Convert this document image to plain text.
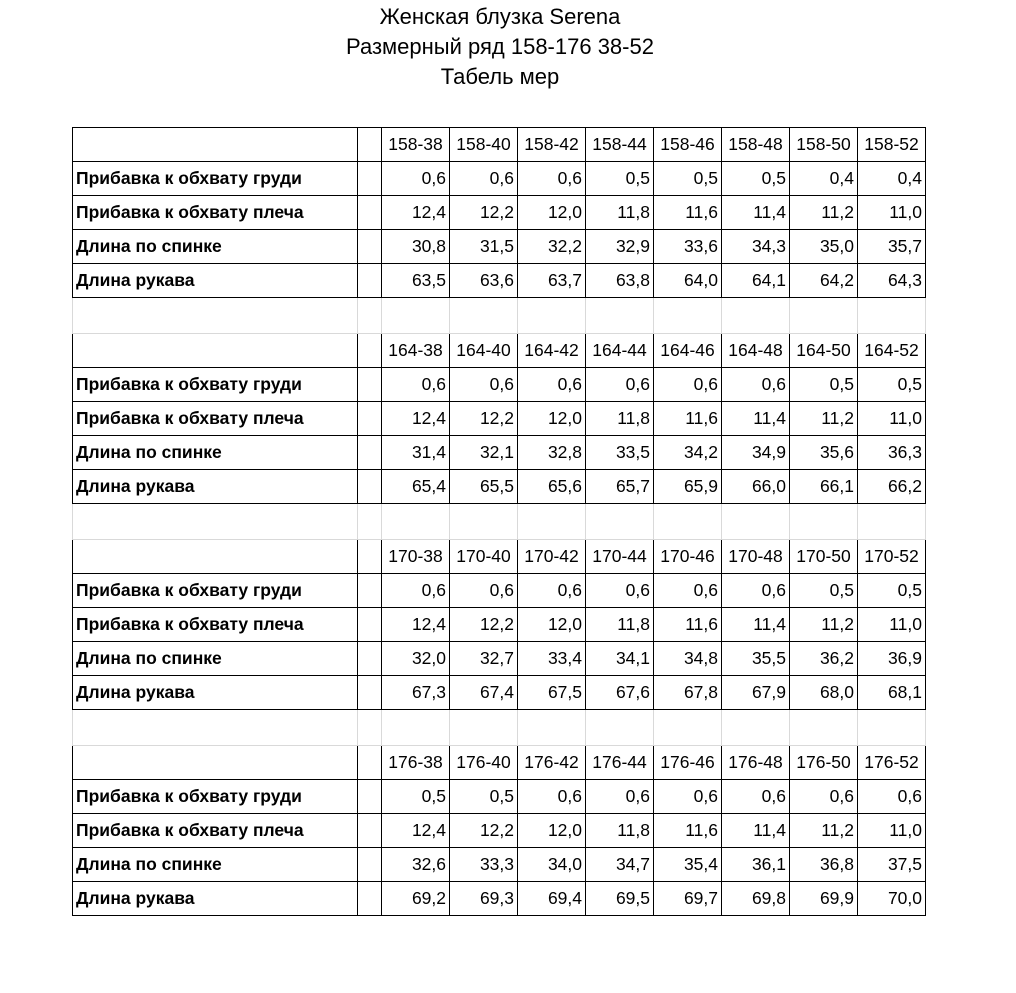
Женская блузка Serena
Размерный ряд 158-176 38-52
Табель мер
		158-38	158-40	158-42	158-44	158-46	158-48	158-50	158-52
Прибавка к обхвату груди		0,6	0,6	0,6	0,5	0,5	0,5	0,4	0,4
Прибавка к обхвату плеча		12,4	12,2	12,0	11,8	11,6	11,4	11,2	11,0
Длина по спинке		30,8	31,5	32,2	32,9	33,6	34,3	35,0	35,7
Длина рукава		63,5	63,6	63,7	63,8	64,0	64,1	64,2	64,3

		164-38	164-40	164-42	164-44	164-46	164-48	164-50	164-52
Прибавка к обхвату груди		0,6	0,6	0,6	0,6	0,6	0,6	0,5	0,5
Прибавка к обхвату плеча		12,4	12,2	12,0	11,8	11,6	11,4	11,2	11,0
Длина по спинке		31,4	32,1	32,8	33,5	34,2	34,9	35,6	36,3
Длина рукава		65,4	65,5	65,6	65,7	65,9	66,0	66,1	66,2

		170-38	170-40	170-42	170-44	170-46	170-48	170-50	170-52
Прибавка к обхвату груди		0,6	0,6	0,6	0,6	0,6	0,6	0,5	0,5
Прибавка к обхвату плеча		12,4	12,2	12,0	11,8	11,6	11,4	11,2	11,0
Длина по спинке		32,0	32,7	33,4	34,1	34,8	35,5	36,2	36,9
Длина рукава		67,3	67,4	67,5	67,6	67,8	67,9	68,0	68,1

		176-38	176-40	176-42	176-44	176-46	176-48	176-50	176-52
Прибавка к обхвату груди		0,5	0,5	0,6	0,6	0,6	0,6	0,6	0,6
Прибавка к обхвату плеча		12,4	12,2	12,0	11,8	11,6	11,4	11,2	11,0
Длина по спинке		32,6	33,3	34,0	34,7	35,4	36,1	36,8	37,5
Длина рукава		69,2	69,3	69,4	69,5	69,7	69,8	69,9	70,0
